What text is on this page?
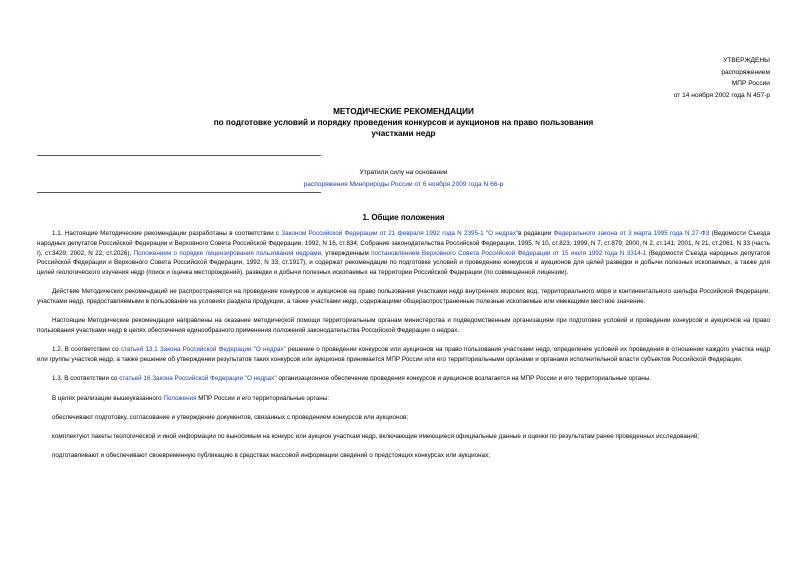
УТВЕРЖДЕНЫ
распоряжением
МПР России
от 14 ноября 2002 года N 457-р
МЕТОДИЧЕСКИЕ РЕКОМЕНДАЦИИ
по подготовке условий и порядку проведения конкурсов и аукционов на право пользования
участками недр
Утратили силу на основании
распоряжения Минприроды России от 6 ноября 2009 года N 66-р
1. Общие положения

1.1. Настоящие Методические рекомендации разработаны в соответствии с Законом Российской Федерации от 21 февраля 1992 года N 2395-1 "О недрах"в редакции Федерального закона от 3 марта 1995 года N 27-ФЗ (Ведомости Съезда народных депутатов Российской Федерации и Верховного Совета Российской Федерации, 1992, N 16, ст.834; Собрание законодательства Российской Федерации, 1995, N 10, ст.823; 1999, N 7, ст.879; 2000, N 2, ст.141; 2001, N 21, ст.2061, N 33 (часть I), ст.3429; 2002, N 22, ст.2026), Положением о порядке лицензирования пользования недрами, утвержденным постановлением Верховного Совета Российской Федерации от 15 июля 1992 года N 3314-1 (Ведомости Съезда народных депутатов Российской Федерации и Верховного Совета Российской Федерации, 1992, N 33, ст.1917), и содержат рекомендации по подготовке условий и проведению конкурсов и аукционов для целей разведки и добычи полезных ископаемых, а также для целей геологического изучения недр (поиск и оценка месторождений), разведки и добычи полезных ископаемых на территории Российской Федерации (по совмещенной лицензии).

Действие Методических рекомендаций не распространяется на проведение конкурсов и аукционов на право пользования участками недр внутренних морских вод, территориального моря и континентального шельфа Российской Федерации, участками недр, предоставляемыми в пользование на условиях раздела продукции, а также участками недр, содержащими общераспространенные полезные ископаемые или имеющими местное значение.

Настоящие Методические рекомендации направлены на оказание методической помощи территориальным органам министерства и подведомственным организациям при подготовке условий и проведении конкурсов и аукционов на право пользования участками недр в целях обеспечения единообразного применения положений законодательства Российской Федерации о недрах.

1.2. В соответствии со статьей 13.1 Закона Российской Федерации "О недрах" решение о проведении конкурсов или аукционов на право пользования участками недр, определение условий их проведения в отношении каждого участка недр или группы участков недр, а также решение об утверждении результатов таких конкурсов или аукционов принимается МПР России или его территориальными органами и органами исполнительной власти субъектов Российской Федерации.

1.3. В соответствии со статьей 16 Закона Российской Федерации "О недрах" организационное обеспечение проведения конкурсов и аукционов возлагается на МПР России и его территориальные органы.

В целях реализации вышеуказанного Положения МПР России и его территориальные органы:

обеспечивают подготовку, согласование и утверждение документов, связанных с проведением конкурсов или аукционов;

комплектуют пакеты геологической и иной информации по выносимым на конкурс или аукцион участкам недр, включающие имеющиеся официальные данные и оценки по результатам ранее проведенных исследований;

подготавливают и обеспечивают своевременную публикацию в средствах массовой информации сведений о предстоящих конкурсах или аукционах;
